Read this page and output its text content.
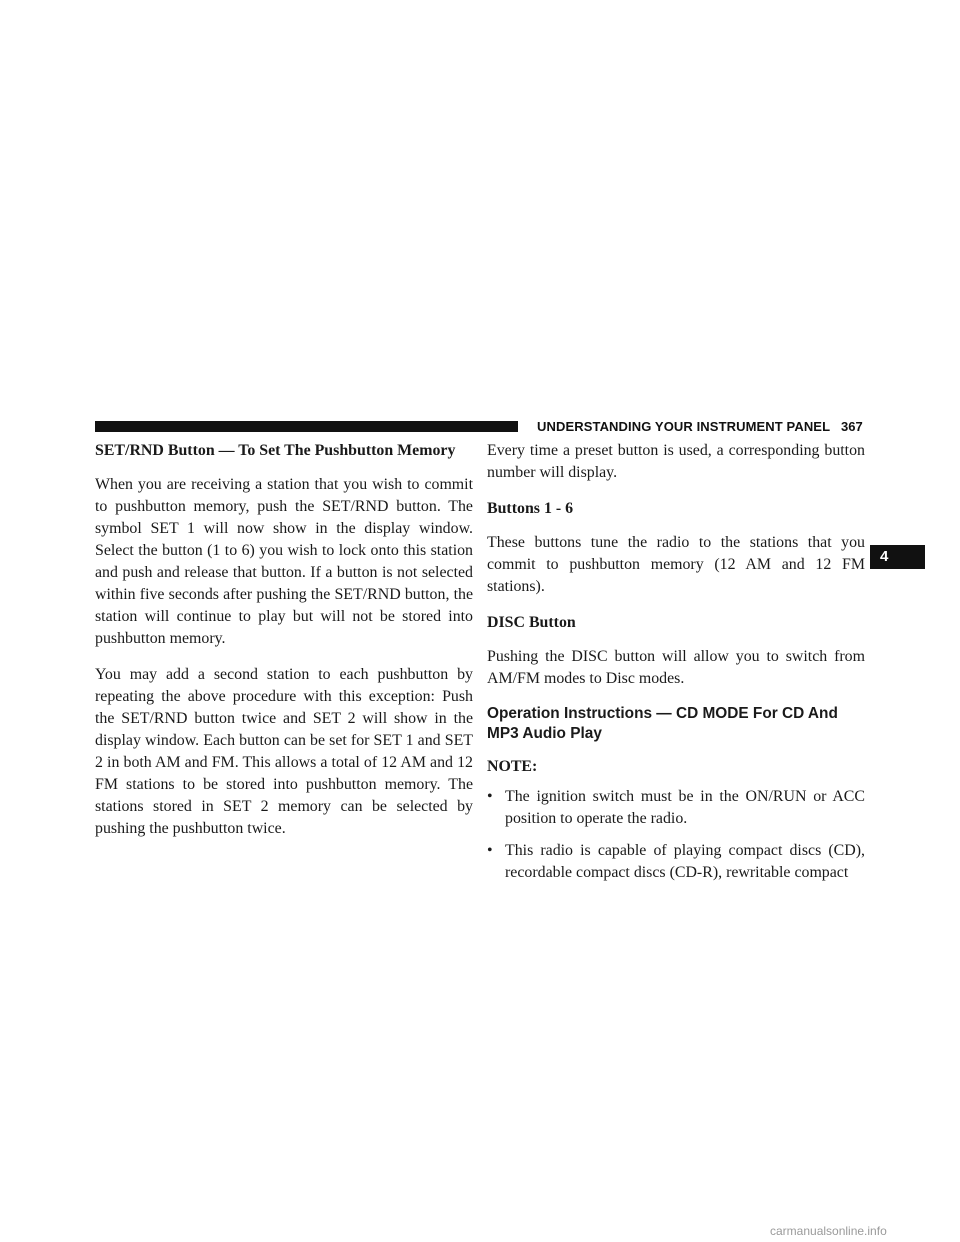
UNDERSTANDING YOUR INSTRUMENT PANEL 367
4
SET/RND Button — To Set The Pushbutton Memory

When you are receiving a station that you wish to commit to pushbutton memory, push the SET/RND button. The symbol SET 1 will now show in the display window. Select the button (1 to 6) you wish to lock onto this station and push and release that button. If a button is not selected within five seconds after pushing the SET/RND button, the station will continue to play but will not be stored into pushbutton memory.

You may add a second station to each pushbutton by repeating the above procedure with this exception: Push the SET/RND button twice and SET 2 will show in the display window. Each button can be set for SET 1 and SET 2 in both AM and FM. This allows a total of 12 AM and 12 FM stations to be stored into pushbutton memory. The stations stored in SET 2 memory can be selected by pushing the pushbutton twice.

Every time a preset button is used, a corresponding button number will display.

Buttons 1 - 6

These buttons tune the radio to the stations that you commit to pushbutton memory (12 AM and 12 FM stations).

DISC Button

Pushing the DISC button will allow you to switch from AM/FM modes to Disc modes.

Operation Instructions — CD MODE For CD And MP3 Audio Play
NOTE:
• The ignition switch must be in the ON/RUN or ACC position to operate the radio.
• This radio is capable of playing compact discs (CD), recordable compact discs (CD-R), rewritable compact
carmanualsonline.info
